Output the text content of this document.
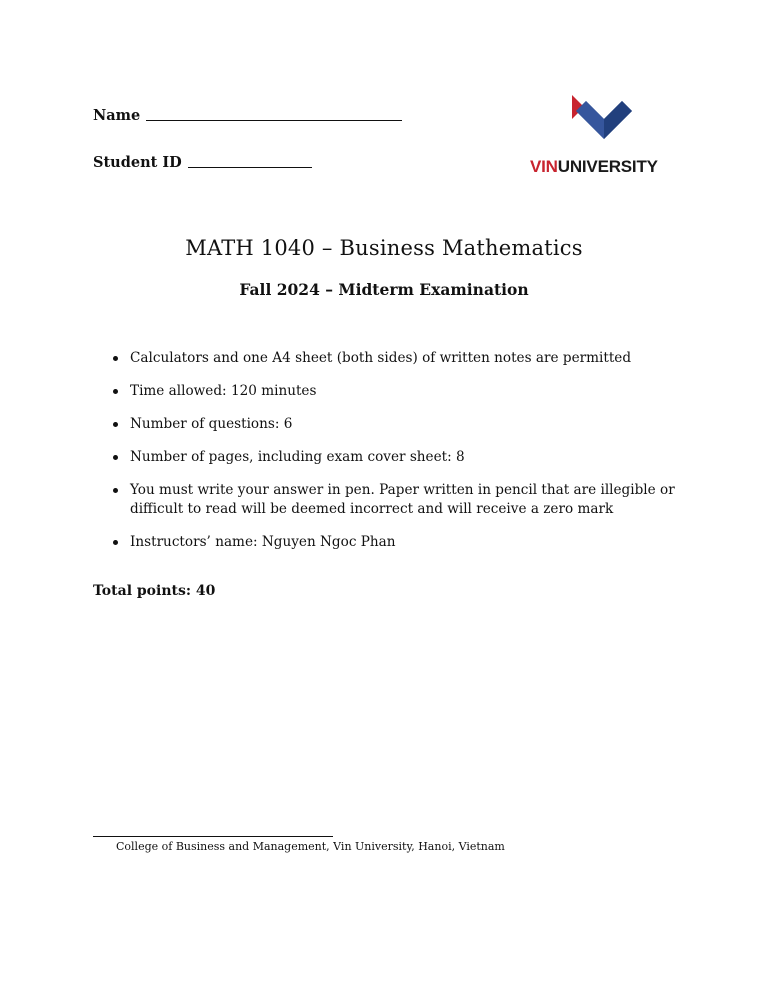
Name
Student ID	VINUNIVERSITY
MATH 1040 – Business Mathematics
Fall 2024 – Midterm Examination
Calculators and one A4 sheet (both sides) of written notes are permitted
Time allowed: 120 minutes
Number of questions: 6
Number of pages, including exam cover sheet: 8
You must write your answer in pen. Paper written in pencil that are illegible or difficult to read will be deemed incorrect and will receive a zero mark
Instructors’ name: Nguyen Ngoc Phan
Total points: 40
College of Business and Management, Vin University, Hanoi, Vietnam
